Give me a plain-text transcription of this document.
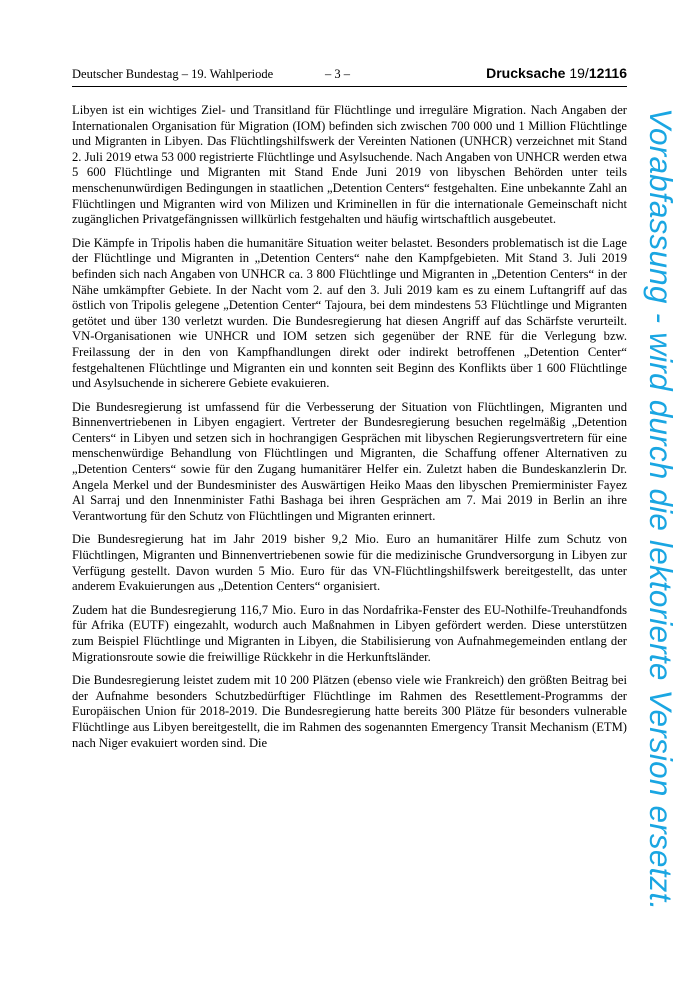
Deutscher Bundestag – 19. Wahlperiode	– 3 –	Drucksache 19/12116

Libyen ist ein wichtiges Ziel- und Transitland für Flüchtlinge und irreguläre Migration. Nach Angaben der Internationalen Organisation für Migration (IOM) befinden sich zwischen 700 000 und 1 Million Flüchtlinge und Migranten in Libyen. Das Flüchtlingshilfswerk der Vereinten Nationen (UNHCR) verzeichnet mit Stand 2. Juli 2019 etwa 53 000 registrierte Flüchtlinge und Asylsuchende. Nach Angaben von UNHCR werden etwa 5 600 Flüchtlinge und Migranten mit Stand Ende Juni 2019 von libyschen Behörden unter teils menschenunwürdigen Bedingungen in staatlichen „Detention Centers“ festgehalten. Eine unbekannte Zahl an Flüchtlingen und Migranten wird von Milizen und Kriminellen in für die internationale Gemeinschaft nicht zugänglichen Privatgefängnissen willkürlich festgehalten und häufig wirtschaftlich ausgebeutet.

Die Kämpfe in Tripolis haben die humanitäre Situation weiter belastet. Besonders problematisch ist die Lage der Flüchtlinge und Migranten in „Detention Centers“ nahe den Kampfgebieten. Mit Stand 3. Juli 2019 befinden sich nach Angaben von UNHCR ca. 3 800 Flüchtlinge und Migranten in „Detention Centers“ in der Nähe umkämpfter Gebiete. In der Nacht vom 2. auf den 3. Juli 2019 kam es zu einem Luftangriff auf das östlich von Tripolis gelegene „Detention Center“ Tajoura, bei dem mindestens 53 Flüchtlinge und Migranten getötet und über 130 verletzt wurden. Die Bundesregierung hat diesen Angriff auf das Schärfste verurteilt. VN-Organisationen wie UNHCR und IOM setzen sich gegenüber der RNE für die Verlegung bzw. Freilassung der in den von Kampfhandlungen direkt oder indirekt betroffenen „Detention Center“ festgehaltenen Flüchtlinge und Migranten ein und konnten seit Beginn des Konflikts über 1 600 Flüchtlinge und Asylsuchende in sicherere Gebiete evakuieren.

Die Bundesregierung ist umfassend für die Verbesserung der Situation von Flüchtlingen, Migranten und Binnenvertriebenen in Libyen engagiert. Vertreter der Bundesregierung besuchen regelmäßig „Detention Centers“ in Libyen und setzen sich in hochrangigen Gesprächen mit libyschen Regierungsvertretern für eine menschenwürdige Behandlung von Flüchtlingen und Migranten, die Schaffung offener Alternativen zu „Detention Centers“ sowie für den Zugang humanitärer Helfer ein. Zuletzt haben die Bundeskanzlerin Dr. Angela Merkel und der Bundesminister des Auswärtigen Heiko Maas den libyschen Premierminister Fayez Al Sarraj und den Innenminister Fathi Bashaga bei ihren Gesprächen am 7. Mai 2019 in Berlin an ihre Verantwortung für den Schutz von Flüchtlingen und Migranten erinnert.

Die Bundesregierung hat im Jahr 2019 bisher 9,2 Mio. Euro an humanitärer Hilfe zum Schutz von Flüchtlingen, Migranten und Binnenvertriebenen sowie für die medizinische Grundversorgung in Libyen zur Verfügung gestellt. Davon wurden 5 Mio. Euro für das VN-Flüchtlingshilfswerk bereitgestellt, das unter anderem Evakuierungen aus „Detention Centers“ organisiert.

Zudem hat die Bundesregierung 116,7 Mio. Euro in das Nordafrika-Fenster des EU-Nothilfe-Treuhandfonds für Afrika (EUTF) eingezahlt, wodurch auch Maßnahmen in Libyen gefördert werden. Diese unterstützen zum Beispiel Flüchtlinge und Migranten in Libyen, die Stabilisierung von Aufnahmegemeinden entlang der Migrationsroute sowie die freiwillige Rückkehr in die Herkunftsländer.

Die Bundesregierung leistet zudem mit 10 200 Plätzen (ebenso viele wie Frankreich) den größten Beitrag bei der Aufnahme besonders Schutzbedürftiger Flüchtlinge im Rahmen des Resettlement-Programms der Europäischen Union für 2018-2019. Die Bundesregierung hatte bereits 300 Plätze für besonders vulnerable Flüchtlinge aus Libyen bereitgestellt, die im Rahmen des sogenannten Emergency Transit Mechanism (ETM) nach Niger evakuiert worden sind. Die	Vorabfassung - wird durch die lektorierte Version ersetzt.
